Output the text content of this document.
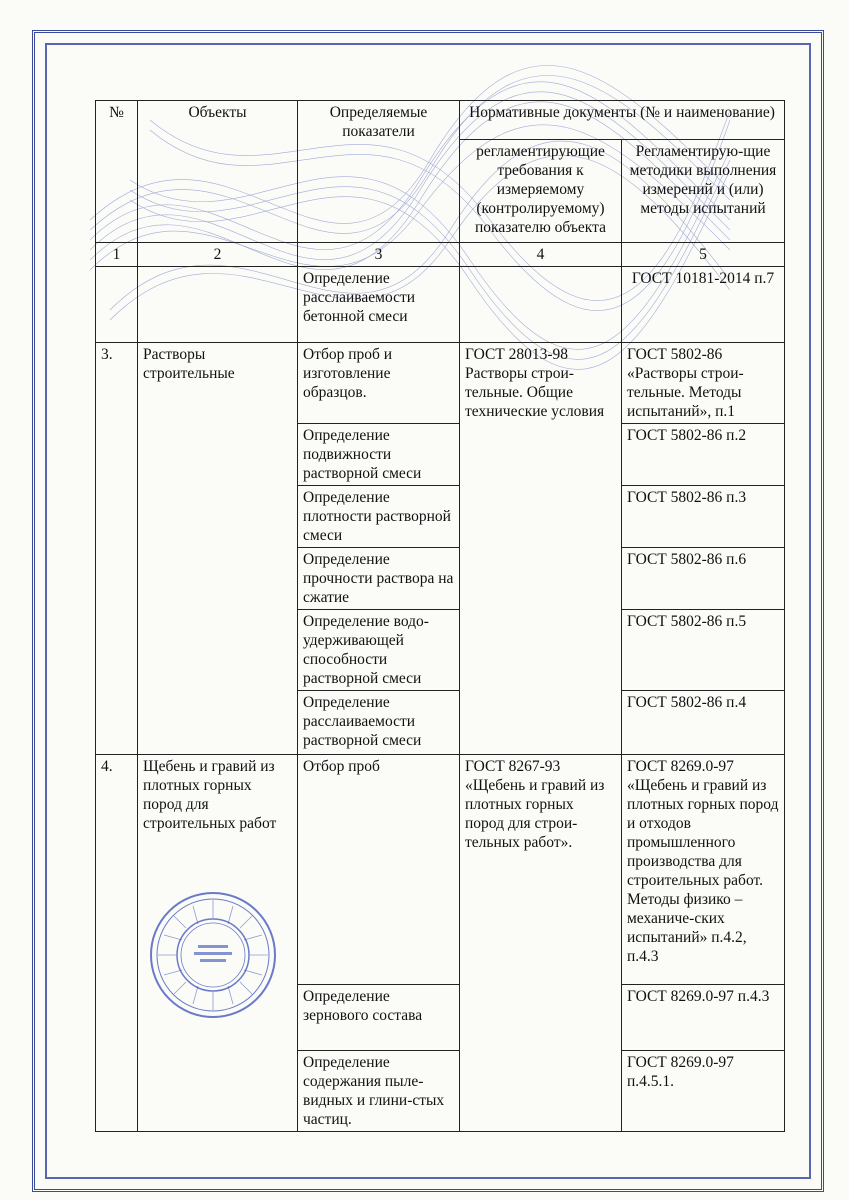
№	Объекты	Определяемые показатели	Нормативные документы (№ и наименование)	
			регламентирующие требования к измеряемому (контролируемому) показателю объекта	Регламентирую-щие методики выполнения измерений и (или) методы испытаний
1	2	3	4	5
		Определение расслаиваемости бетонной смеси		ГОСТ 10181-2014 п.7
3.	Растворы строительные	Отбор проб и изготовление образцов.	ГОСТ 28013-98 Растворы строи-тельные. Общие технические условия	ГОСТ 5802-86 «Растворы строи-тельные. Методы испытаний», п.1
		Определение подвижности растворной смеси		ГОСТ 5802-86 п.2
		Определение плотности растворной смеси		ГОСТ 5802-86 п.3
		Определение прочности раствора на сжатие		ГОСТ 5802-86 п.6
		Определение водо-удерживающей способности растворной смеси		ГОСТ 5802-86 п.5
		Определение расслаиваемости растворной смеси		ГОСТ 5802-86 п.4
4.	Щебень и гравий из плотных горных пород для строительных работ	Отбор проб	ГОСТ 8267-93 «Щебень и гравий из плотных горных пород для строи-тельных работ».	ГОСТ 8269.0-97 «Щебень и гравий из плотных горных пород и отходов промышленного производства для строительных работ. Методы физико – механиче-ских испытаний» п.4.2, п.4.3
		Определение зернового состава		ГОСТ 8269.0-97 п.4.3
		Определение содержания пыле-видных и глини-стых частиц.		ГОСТ 8269.0-97 п.4.5.1.
